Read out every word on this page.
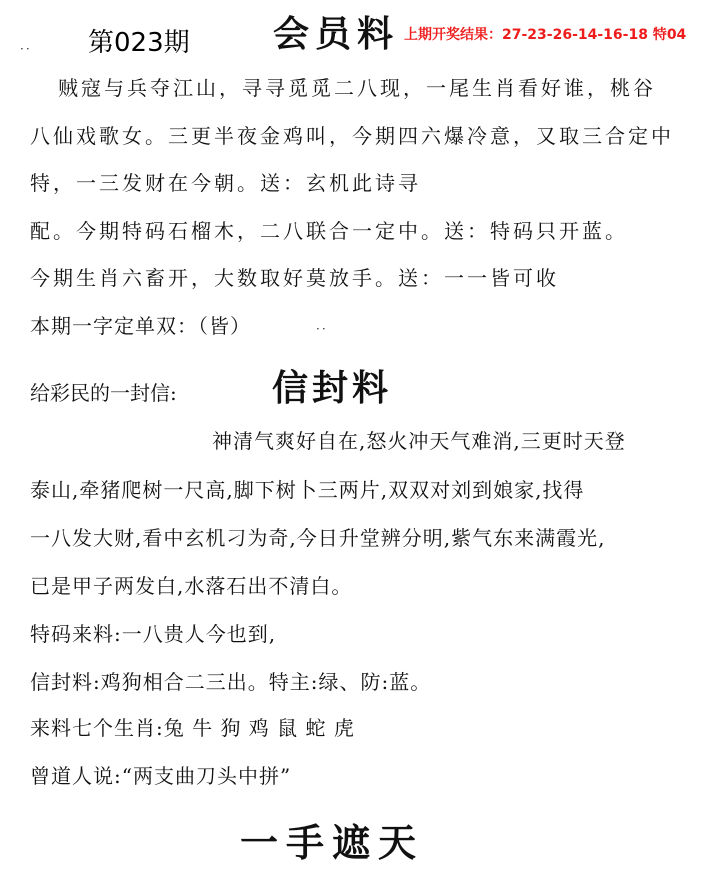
第023期 会员料 上期开奖结果：27-23-26-14-16-18 特04
··
贼寇与兵夺江山，寻寻觅觅二八现，一尾生肖看好谁，桃谷
八仙戏歌女。三更半夜金鸡叫，今期四六爆冷意，又取三合定中
特，一三发财在今朝。送：玄机此诗寻
配。今期特码石榴木，二八联合一定中。送：特码只开蓝。
今期生肖六畜开，大数取好莫放手。送：一一皆可收
本期一字定单双：（皆）	··
给彩民的一封信:	信封料
神清气爽好自在,怒火冲天气难消,三更时天登
泰山,牵猪爬树一尺高,脚下树卜三两片,双双对刘到娘家,找得
一八发大财,看中玄机刁为奇,今日升堂辨分明,紫气东来满霞光,
已是甲子两发白,水落石出不清白。
特码来料:一八贵人今也到,
信封料:鸡狗相合二三出。特主:绿、防:蓝。
来料七个生肖:兔 牛 狗 鸡 鼠 蛇 虎
曾道人说:“两支曲刀头中拼”
一手遮天
